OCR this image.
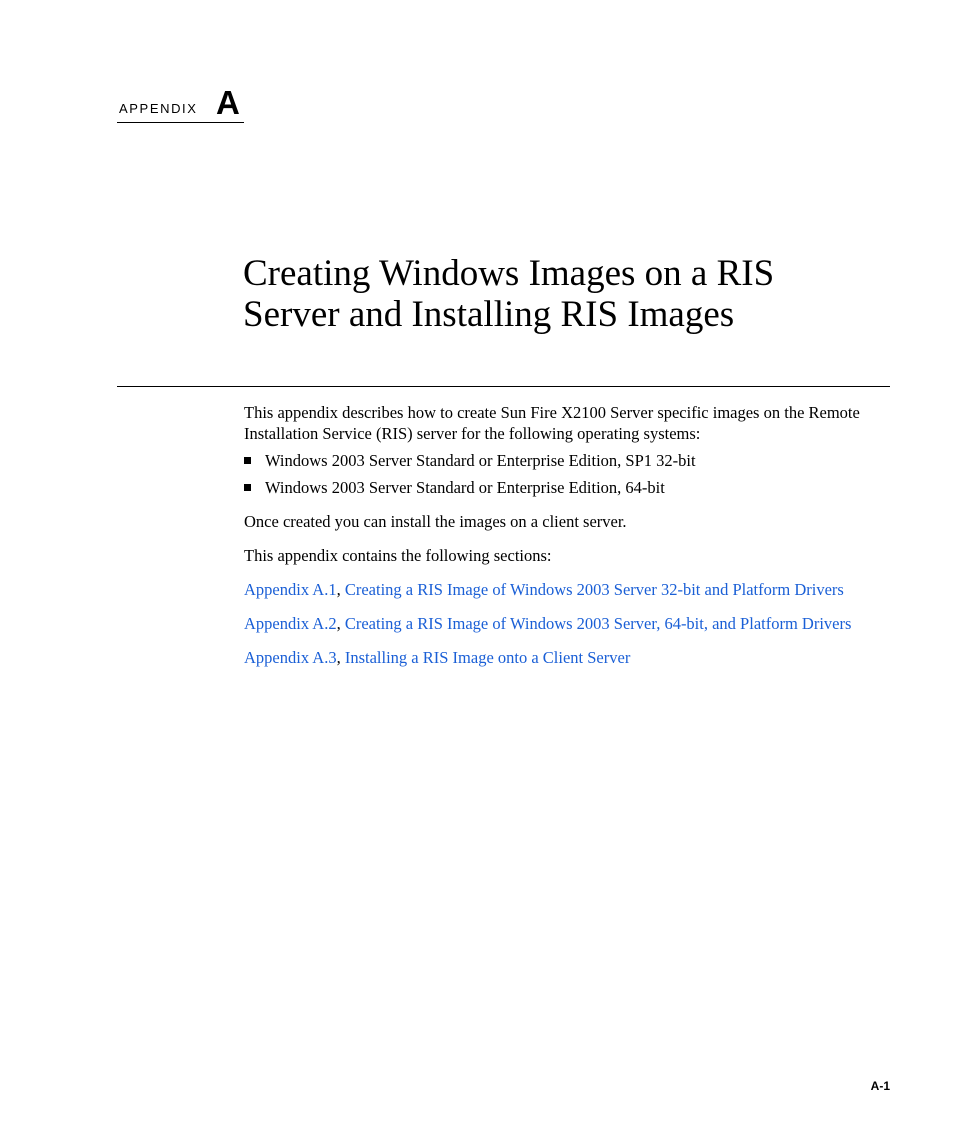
APPENDIX A
Creating Windows Images on a RIS
Server and Installing RIS Images

This appendix describes how to create Sun Fire X2100 Server specific images on the Remote Installation Service (RIS) server for the following operating systems:

Windows 2003 Server Standard or Enterprise Edition, SP1 32-bit
Windows 2003 Server Standard or Enterprise Edition, 64-bit

Once created you can install the images on a client server.

This appendix contains the following sections:

Appendix A.1, Creating a RIS Image of Windows 2003 Server 32-bit and Platform Drivers

Appendix A.2, Creating a RIS Image of Windows 2003 Server, 64-bit, and Platform Drivers

Appendix A.3, Installing a RIS Image onto a Client Server

A-1
